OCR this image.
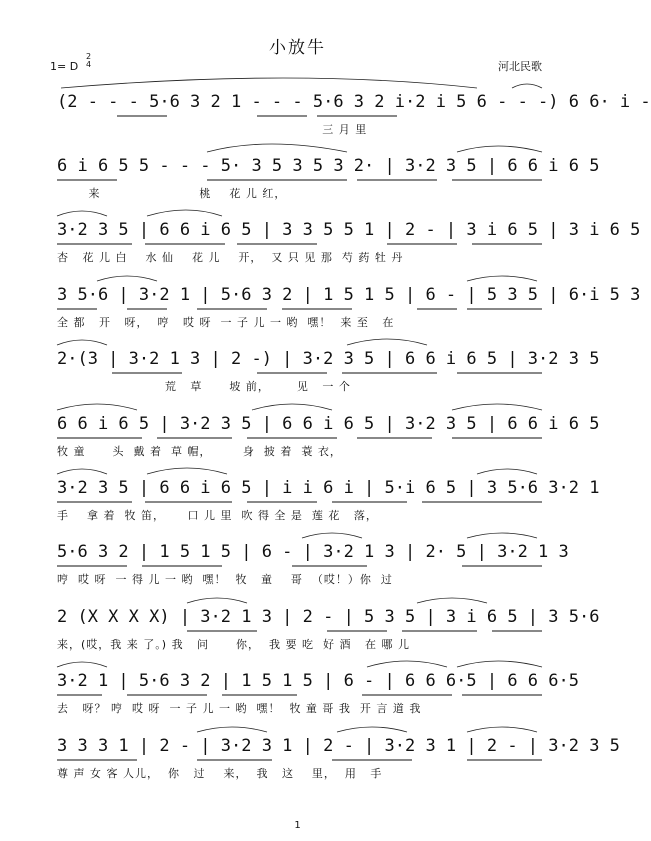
小放牛
1= D
2
4	河北民歌
(2 - - - 5·6 3 2 1 - - - 5·6 3 2 i·2 i 5 6 - - -) 6 6· i -
三 月 里
6 i 6 5 5 - - - 5· 3 5 3 5 3 2· | 3·2 3 5 | 6 6 i 6 5
来                      桃    花 儿 红，
3·2 3 5 | 6 6 i 6 5 | 3 3 5 5 1 | 2 - | 3 i 6 5 | 3 i 6 5
杏   花 儿 白    水 仙    花 儿    开，  又 只 见 那  芍 药 牡 丹
3 5·6 | 3·2 1 | 5·6 3 2 | 1 5 1 5 | 6 - | 5 3 5 | 6·i 5 3
全 都   开   呀，  哼   哎 呀  一 子 儿 一 哟  嘿！  来 至   在
2·(3 | 3·2 1 3 | 2 -) | 3·2 3 5 | 6 6 i 6 5 | 3·2 3 5
荒   草      坡 前，      见   一 个
6 6 i 6 5 | 3·2 3 5 | 6 6 i 6 5 | 3·2 3 5 | 6 6 i 6 5
牧 童      头  戴 着  草 帽，       身  披 着  蓑 衣，
3·2 3 5 | 6 6 i 6 5 | i i 6 i | 5·i 6 5 | 3 5·6 3·2 1
手    拿 着  牧 笛，     口 儿 里  吹 得 全 是  莲 花   落，
5·6 3 2 | 1 5 1 5 | 6 - | 3·2 1 3 | 2· 5 | 3·2 1 3
哼  哎 呀  一 得 儿 一 哟  嘿！  牧   童    哥  （哎！）你  过
2 (X X X X) | 3·2 1 3 | 2 - | 5 3 5 | 3 i 6 5 | 3 5·6
来，(哎，我 来 了。) 我   问      你，  我 要 吃  好 酒   在 哪 儿
3·2 1 | 5·6 3 2 | 1 5 1 5 | 6 - | 6 6 6·5 | 6 6 6·5
去   呀？ 哼  哎 呀  一 子 儿 一 哟  嘿！  牧 童 哥 我  开 言 道 我
3 3 3 1 | 2 - | 3·2 3 1 | 2 - | 3·2 3 1 | 2 - | 3·2 3 5
尊 声 女 客 人儿，  你   过    来，  我   这    里，  用   手
1
